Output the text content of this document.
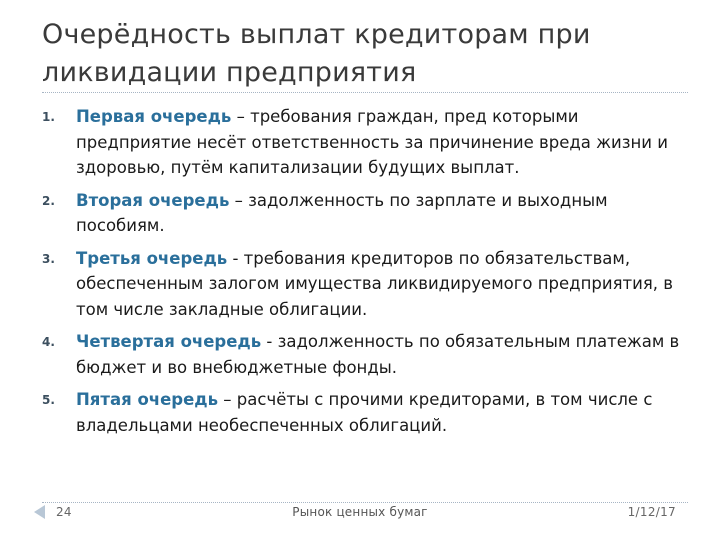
Очерёдность выплат кредиторам при ликвидации предприятия
1. Первая очередь – требования граждан, пред которыми предприятие несёт ответственность за причинение вреда жизни и здоровью, путём капитализации будущих выплат.
2. Вторая очередь – задолженность по зарплате и выходным пособиям.
3. Третья очередь - требования кредиторов по обязательствам, обеспеченным залогом имущества ликвидируемого предприятия, в том числе закладные облигации.
4. Четвертая очередь - задолженность по обязательным платежам в бюджет и во внебюджетные фонды.
5. Пятая очередь – расчёты с прочими кредиторами, в том числе с владельцами необеспеченных облигаций.
24	Рынок ценных бумаг	1/12/17
